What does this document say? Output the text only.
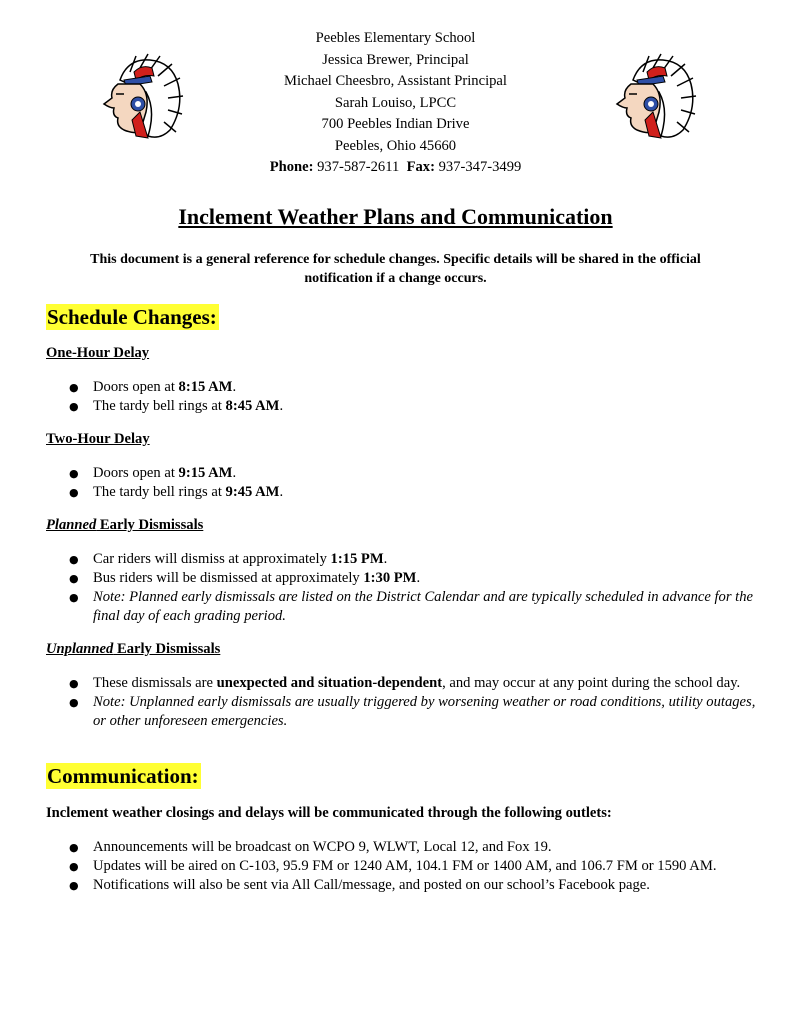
Peebles Elementary School
Jessica Brewer, Principal
Michael Cheesbro, Assistant Principal
Sarah Louiso, LPCC
700 Peebles Indian Drive
Peebles, Ohio 45660
Phone: 937-587-2611 Fax: 937-347-3499
Inclement Weather Plans and Communication
This document is a general reference for schedule changes. Specific details will be shared in the official notification if a change occurs.
Schedule Changes:
One-Hour Delay
● Doors open at 8:15 AM.
● The tardy bell rings at 8:45 AM.
Two-Hour Delay
● Doors open at 9:15 AM.
● The tardy bell rings at 9:45 AM.
Planned Early Dismissals
● Car riders will dismiss at approximately 1:15 PM.
● Bus riders will be dismissed at approximately 1:30 PM.
● Note: Planned early dismissals are listed on the District Calendar and are typically scheduled in advance for the final day of each grading period.
Unplanned Early Dismissals
● These dismissals are unexpected and situation-dependent, and may occur at any point during the school day.
● Note: Unplanned early dismissals are usually triggered by worsening weather or road conditions, utility outages, or other unforeseen emergencies.
Communication:
Inclement weather closings and delays will be communicated through the following outlets:
● Announcements will be broadcast on WCPO 9, WLWT, Local 12, and Fox 19.
● Updates will be aired on C-103, 95.9 FM or 1240 AM, 104.1 FM or 1400 AM, and 106.7 FM or 1590 AM.
● Notifications will also be sent via All Call/message, and posted on our school’s Facebook page.
